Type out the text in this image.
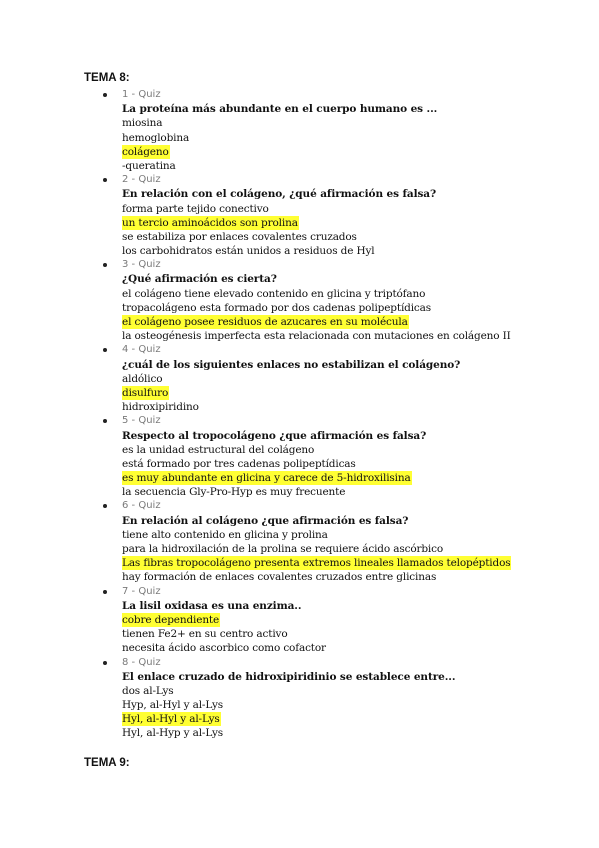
TEMA 8:
1 - Quiz
La proteína más abundante en el cuerpo humano es ...
miosina
hemoglobina
colágeno
-queratina
2 - Quiz
En relación con el colágeno, ¿qué afirmación es falsa?
forma parte tejido conectivo
un tercio aminoácidos son prolina
se estabiliza por enlaces covalentes cruzados
los carbohidratos están unidos a residuos de Hyl
3 - Quiz
¿Qué afirmación es cierta?
el colágeno tiene elevado contenido en glicina y triptófano
tropacolágeno esta formado por dos cadenas polipeptídicas
el colágeno posee residuos de azucares en su molécula
la osteogénesis imperfecta esta relacionada con mutaciones en colágeno II
4 - Quiz
¿cuál de los siguientes enlaces no estabilizan el colágeno?
aldólico
disulfuro
hidroxipiridino
5 - Quiz
Respecto al tropocolágeno ¿que afirmación es falsa?
es la unidad estructural del colágeno
está formado por tres cadenas polipeptídicas
es muy abundante en glicina y carece de 5-hidroxilisina
la secuencia Gly-Pro-Hyp es muy frecuente
6 - Quiz
En relación al colágeno ¿que afirmación es falsa?
tiene alto contenido en glicina y prolina
para la hidroxilación de la prolina se requiere ácido ascórbico
Las fibras tropocolágeno presenta extremos lineales llamados telopéptidos
hay formación de enlaces covalentes cruzados entre glicinas
7 - Quiz
La lisil oxidasa es una enzima..
cobre dependiente
tienen Fe2+ en su centro activo
necesita ácido ascorbico como cofactor
8 - Quiz
El enlace cruzado de hidroxipiridinio se establece entre...
dos al-Lys
Hyp, al-Hyl y al-Lys
Hyl, al-Hyl y al-Lys
Hyl, al-Hyp y al-Lys
TEMA 9:
